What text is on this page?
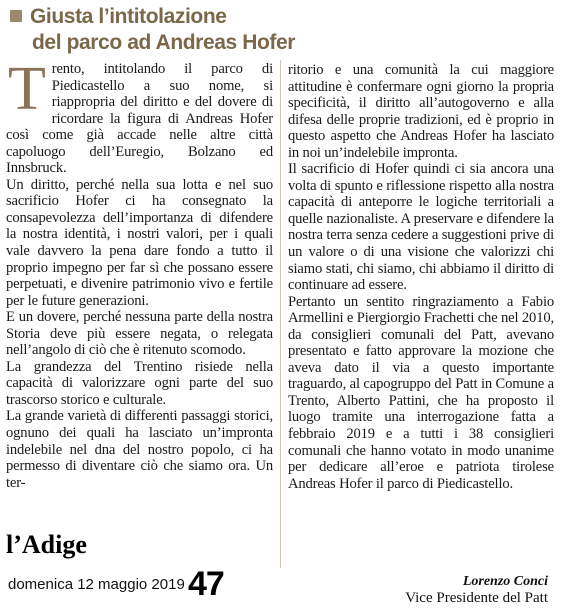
Giusta l’intitolazione
del parco ad Andreas Hofer

Trento, intitolando il parco di Piedicastello a suo nome, si riappropria del diritto e del dovere di ricordare la figura di Andreas Hofer così come già accade nelle altre città capoluogo dell’Euregio, Bolzano ed Innsbruck.

Un diritto, perché nella sua lotta e nel suo sacrificio Hofer ci ha consegnato la consapevolezza dell’importanza di difendere la nostra identità, i nostri valori, per i quali vale davvero la pena dare fondo a tutto il proprio impegno per far sì che possano essere perpetuati, e divenire patrimonio vivo e fertile per le future generazioni.

E un dovere, perché nessuna parte della nostra Storia deve più essere negata, o relegata nell’angolo di ciò che è ritenuto scomodo.

La grandezza del Trentino risiede nella capacità di valorizzare ogni parte del suo trascorso storico e culturale.

La grande varietà di differenti passaggi storici, ognuno dei quali ha lasciato un’impronta indelebile nel dna del nostro popolo, ci ha permesso di diventare ciò che siamo ora. Un ter-

ritorio e una comunità la cui maggiore attitudine è confermare ogni giorno la propria specificità, il diritto all’autogoverno e alla difesa delle proprie tradizioni, ed è proprio in questo aspetto che Andreas Hofer ha lasciato in noi un’indelebile impronta.

Il sacrificio di Hofer quindi ci sia ancora una volta di spunto e riflessione rispetto alla nostra capacità di anteporre le logiche territoriali a quelle nazionaliste. A preservare e difendere la nostra terra senza cedere a suggestioni prive di un valore o di una visione che valorizzi chi siamo stati, chi siamo, chi abbiamo il diritto di continuare ad essere.

Pertanto un sentito ringraziamento a Fabio Armellini e Piergiorgio Frachetti che nel 2010, da consiglieri comunali del Patt, avevano presentato e fatto approvare la mozione che aveva dato il via a questo importante traguardo, al capogruppo del Patt in Comune a Trento, Alberto Pattini, che ha proposto il luogo tramite una interrogazione fatta a febbraio 2019 e a tutti i 38 consiglieri comunali che hanno votato in modo unanime per dedicare all’eroe e patriota tirolese Andreas Hofer il parco di Piedicastello.

l’Adige
domenica 12 maggio 2019 47	Lorenzo Conci
Vice Presidente del Patt
